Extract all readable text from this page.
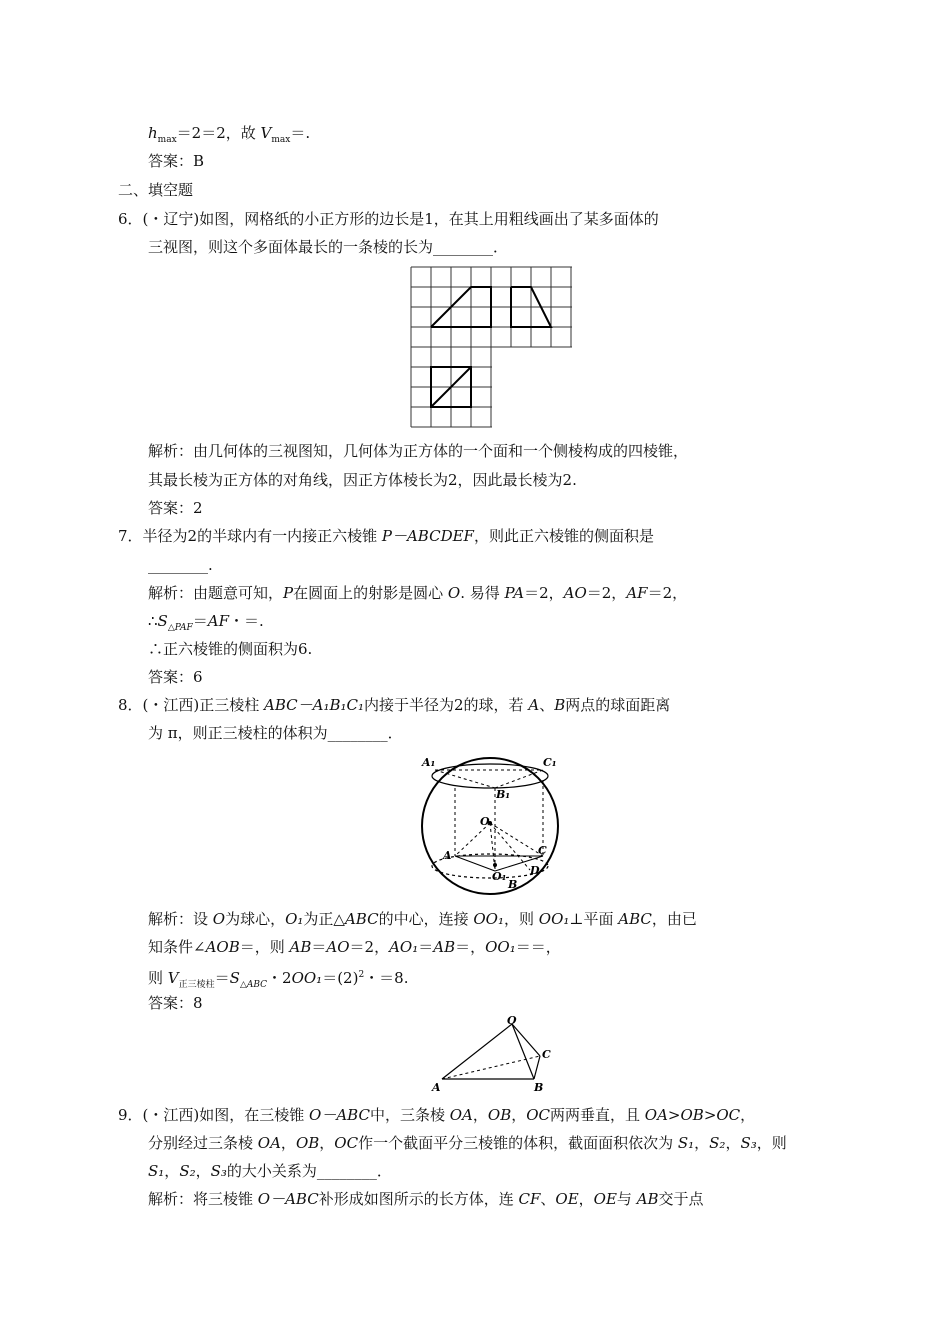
$h_{max}=2=2$，故 $V_{max}=$.
答案：B
二、填空题
6．(・辽宁)如图，网格纸的小正方形的边长是1，在其上用粗线画出了某多面体的
三视图，则这个多面体最长的一条棱的长为________．
解析：由几何体的三视图知，几何体为正方体的一个面和一个侧棱构成的四棱锥，
其最长棱为正方体的对角线，因正方体棱长为2，因此最长棱为2.
答案：2
7．半径为2的半球内有一内接正六棱锥 P－ABCDEF，则此正六棱锥的侧面积是
________.
解析：由题意可知，P在圆面上的射影是圆心 O. 易得 PA＝2，AO＝2，AF＝2，
$\therefore S_{\triangle PAF}=AF$・＝.
∴正六棱锥的侧面积为6.
答案：6
8．(・江西)正三棱柱 ABC－A₁B₁C₁内接于半径为2的球，若 A、B两点的球面距离
为 π，则正三棱柱的体积为________．
A₁
B₁
C₁
O
A	C
O₁ D
B
解析：设 O为球心，O₁为正△ABC的中心，连接 OO₁，则 OO₁⊥平面 ABC，由已
知条件∠AOB＝，则 AB＝AO＝2，AO₁＝AB＝，OO₁＝＝，
则 $V_{正三棱柱}=S_{\triangle ABC}$・$2OO_1=(2)^2$・＝8.
答案：8
O
C
A	B
9．(・江西)如图，在三棱锥 O－ABC中，三条棱 OA，OB，OC两两垂直，且 OA>OB>OC，
分别经过三条棱 OA，OB，OC作一个截面平分三棱锥的体积，截面面积依次为 S₁，S₂，S₃，则
S₁，S₂，S₃的大小关系为________．
解析：将三棱锥 O－ABC补形成如图所示的长方体，连 CF、OE，OE与 AB交于点
